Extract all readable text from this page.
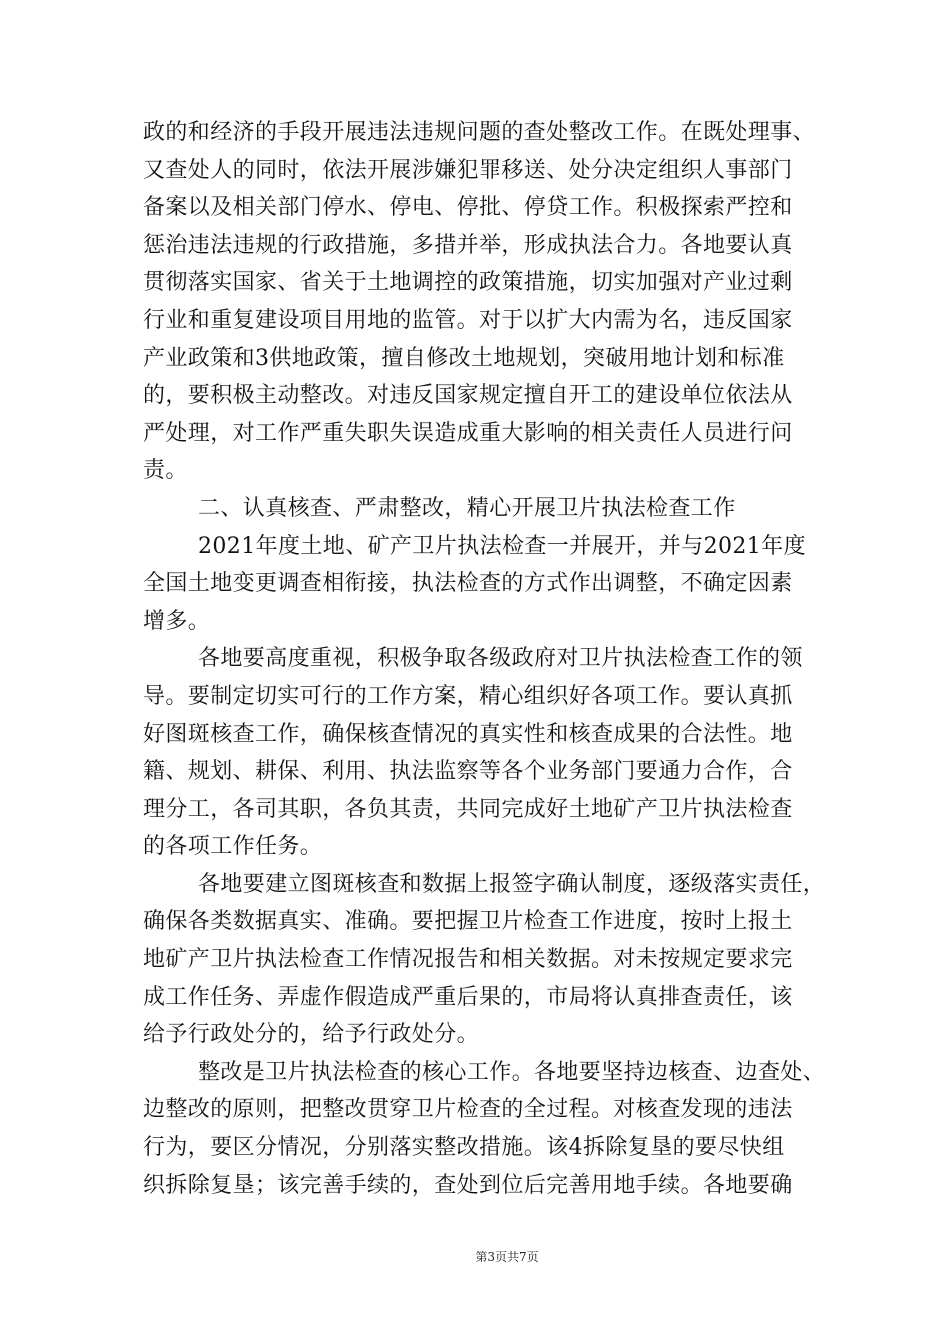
政的和经济的手段开展违法违规问题的查处整改工作。在既处理事、
又查处人的同时，依法开展涉嫌犯罪移送、处分决定组织人事部门
备案以及相关部门停水、停电、停批、停贷工作。积极探索严控和
惩治违法违规的行政措施，多措并举，形成执法合力。各地要认真
贯彻落实国家、省关于土地调控的政策措施，切实加强对产业过剩
行业和重复建设项目用地的监管。对于以扩大内需为名，违反国家
产业政策和3供地政策，擅自修改土地规划，突破用地计划和标准
的，要积极主动整改。对违反国家规定擅自开工的建设单位依法从
严处理，对工作严重失职失误造成重大影响的相关责任人员进行问
责。
二、认真核查、严肃整改，精心开展卫片执法检查工作
2021年度土地、矿产卫片执法检查一并展开，并与2021年度
全国土地变更调查相衔接，执法检查的方式作出调整，不确定因素
增多。
各地要高度重视，积极争取各级政府对卫片执法检查工作的领
导。要制定切实可行的工作方案，精心组织好各项工作。要认真抓
好图斑核查工作，确保核查情况的真实性和核查成果的合法性。地
籍、规划、耕保、利用、执法监察等各个业务部门要通力合作，合
理分工，各司其职，各负其责，共同完成好土地矿产卫片执法检查
的各项工作任务。
各地要建立图斑核查和数据上报签字确认制度，逐级落实责任，
确保各类数据真实、准确。要把握卫片检查工作进度，按时上报土
地矿产卫片执法检查工作情况报告和相关数据。对未按规定要求完
成工作任务、弄虚作假造成严重后果的，市局将认真排查责任，该
给予行政处分的，给予行政处分。
整改是卫片执法检查的核心工作。各地要坚持边核查、边查处、
边整改的原则，把整改贯穿卫片检查的全过程。对核查发现的违法
行为，要区分情况，分别落实整改措施。该4拆除复垦的要尽快组
织拆除复垦；该完善手续的，查处到位后完善用地手续。各地要确
第3页共7页
